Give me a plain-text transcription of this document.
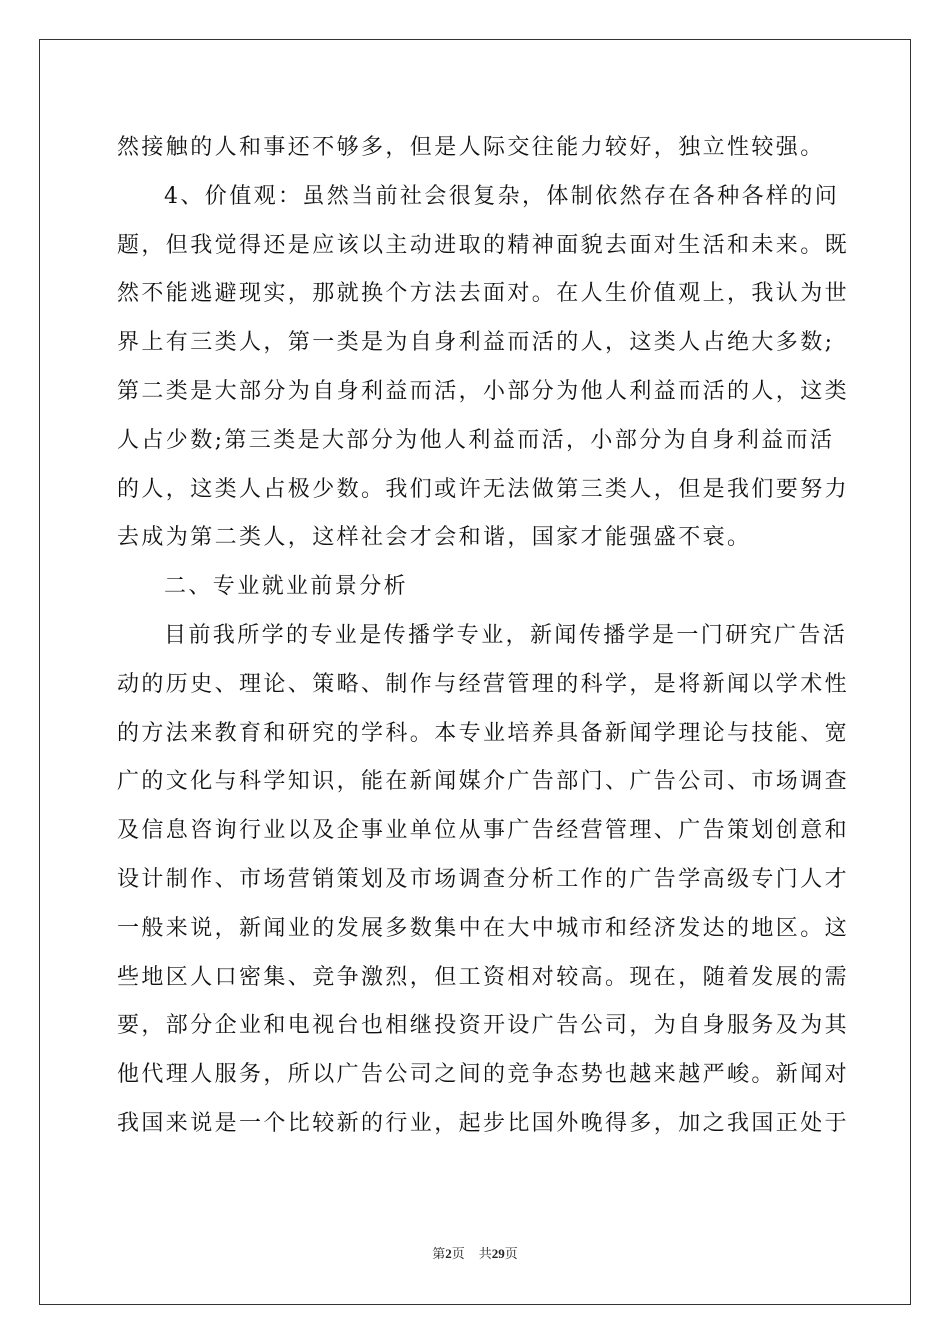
然接触的人和事还不够多，但是人际交往能力较好，独立性较强。
4、价值观：虽然当前社会很复杂，体制依然存在各种各样的问
题，但我觉得还是应该以主动进取的精神面貌去面对生活和未来。既
然不能逃避现实，那就换个方法去面对。在人生价值观上，我认为世
界上有三类人，第一类是为自身利益而活的人，这类人占绝大多数;
第二类是大部分为自身利益而活，小部分为他人利益而活的人，这类
人占少数;第三类是大部分为他人利益而活，小部分为自身利益而活
的人，这类人占极少数。我们或许无法做第三类人，但是我们要努力
去成为第二类人，这样社会才会和谐，国家才能强盛不衰。
二、专业就业前景分析
目前我所学的专业是传播学专业，新闻传播学是一门研究广告活
动的历史、理论、策略、制作与经营管理的科学，是将新闻以学术性
的方法来教育和研究的学科。本专业培养具备新闻学理论与技能、宽
广的文化与科学知识，能在新闻媒介广告部门、广告公司、市场调查
及信息咨询行业以及企事业单位从事广告经营管理、广告策划创意和
设计制作、市场营销策划及市场调查分析工作的广告学高级专门人才
一般来说，新闻业的发展多数集中在大中城市和经济发达的地区。这
些地区人口密集、竞争激烈，但工资相对较高。现在，随着发展的需
要，部分企业和电视台也相继投资开设广告公司，为自身服务及为其
他代理人服务，所以广告公司之间的竞争态势也越来越严峻。新闻对
我国来说是一个比较新的行业，起步比国外晚得多，加之我国正处于
第2页 共29页
